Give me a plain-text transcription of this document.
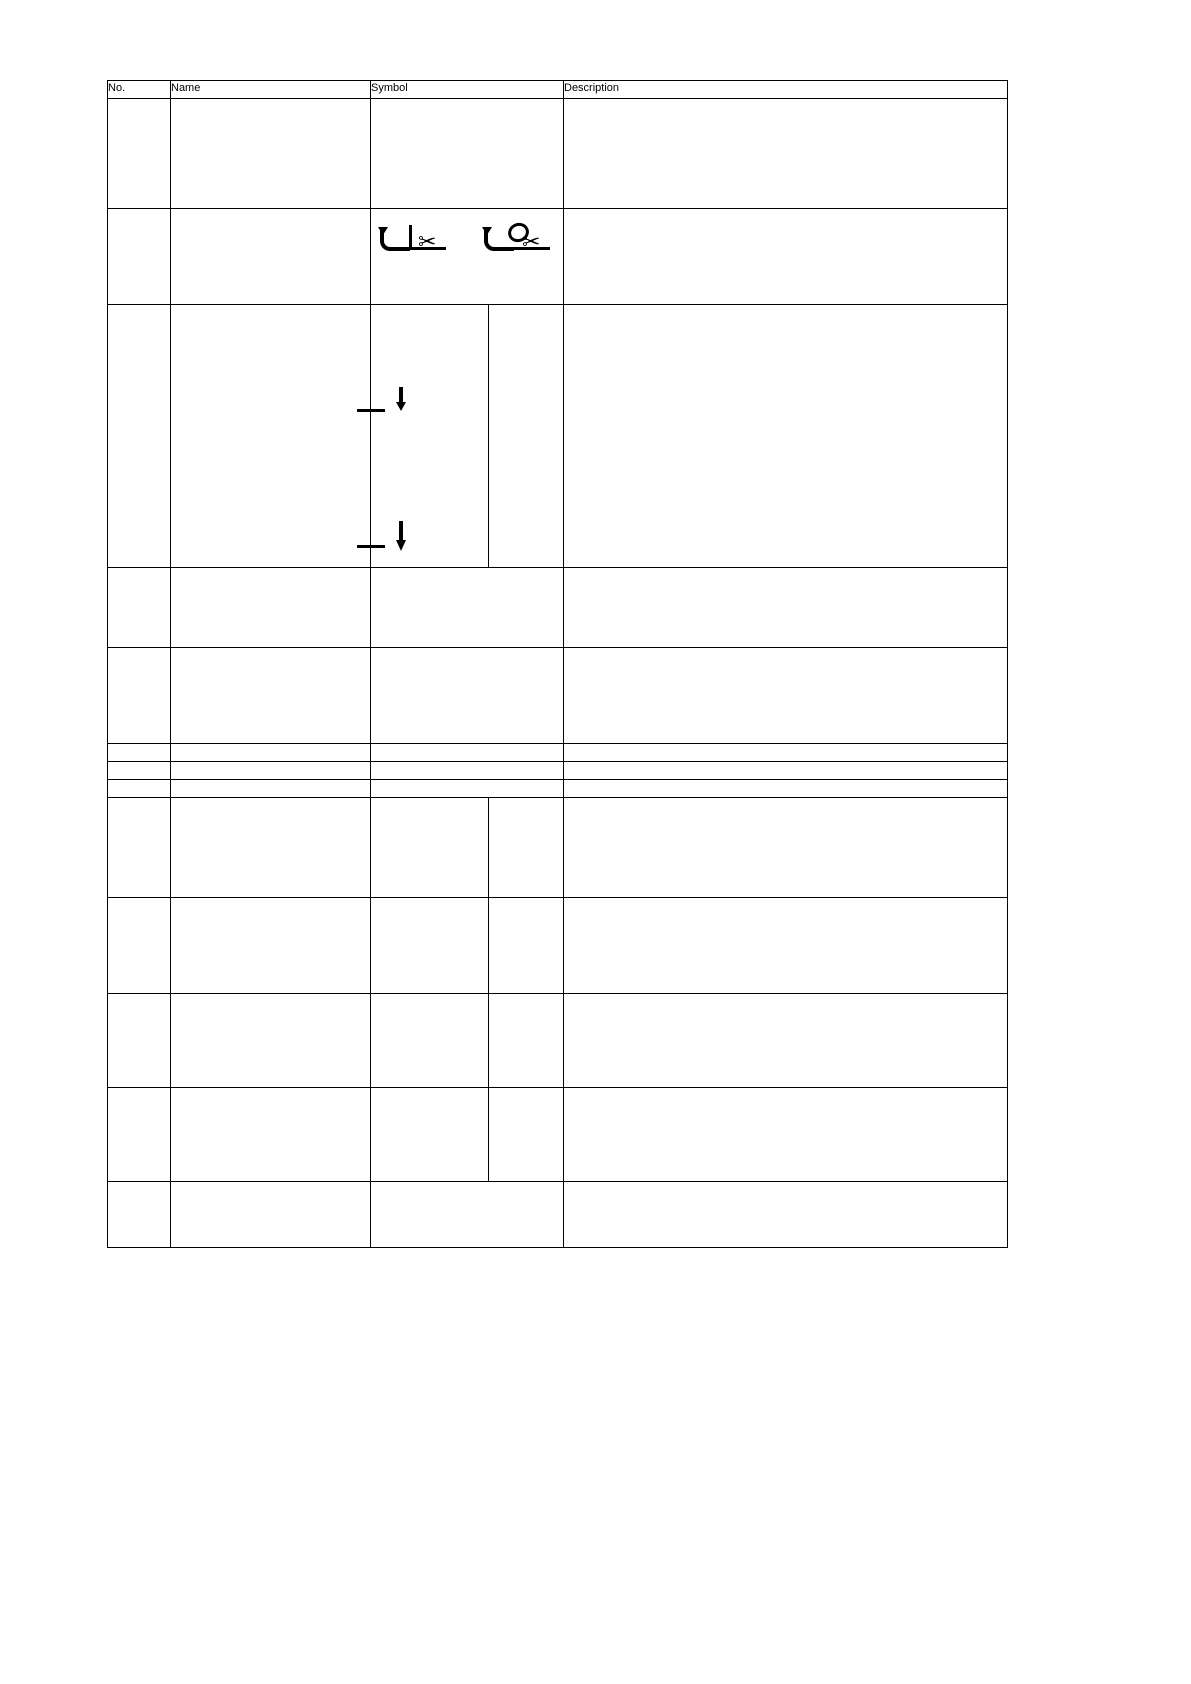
No.	Name	Symbol		Description

		✂ ✂		
